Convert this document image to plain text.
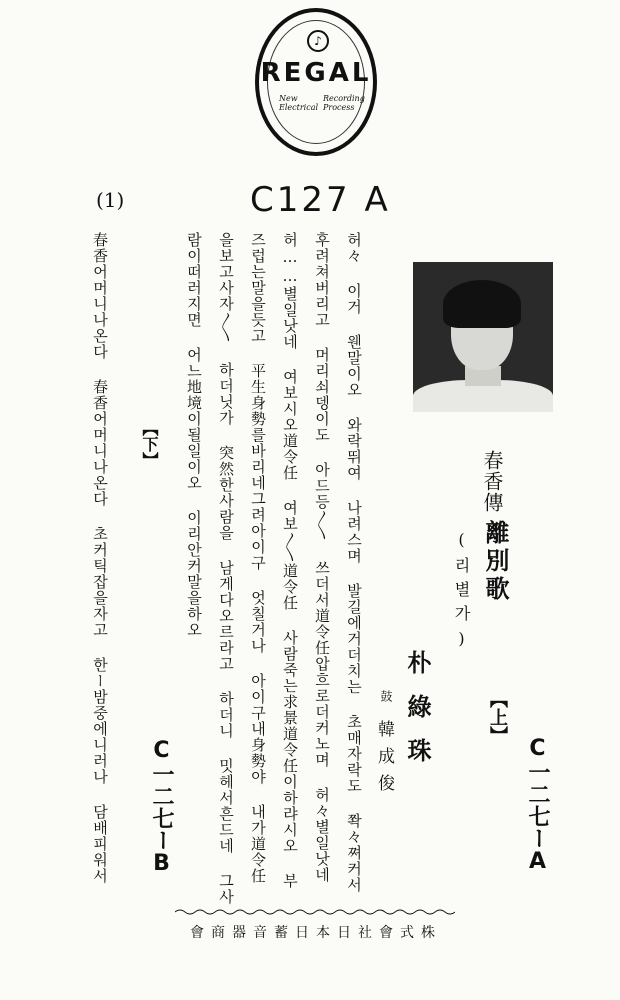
♪
REGAL
New
Electrical
Recording
Process
C127 A
(1)
C一二七ーA
春香傳
離別歌
(리별가)
【上】
朴綠珠
鼓
韓成俊
허々 이거 웬말이오 와락뛰여 나려스며 발길에거더치는 초매자락도 쫙々쪄커서
후려쳐버리고 머리쇠뎅이도 아드등〳〵 쓰더서道令任압흐로더커노며 허々별일낫네
허……별일낫네 여보시오道令任 여보〳〵道令任 사람죽는求景道令任이하랴시오 부
즈럽는말을듯고 平生身勢를바리네그려아이구 엇칠거나 아이구내身勢야 내가道令任
을보고사자〳〵 하더닛가 突然한사람을 남게다오르라고 하더니 밋헤서흔드네 그사
람이떠러지면 어느地境이될일이오 이리안커말을하오
【下】
C一二七ーB
春香어머니나온다 春香어머니나온다 초커틱잡을자고 한ー밤중에니러나 담배피워서
會商器音蓄日本日社會式株
